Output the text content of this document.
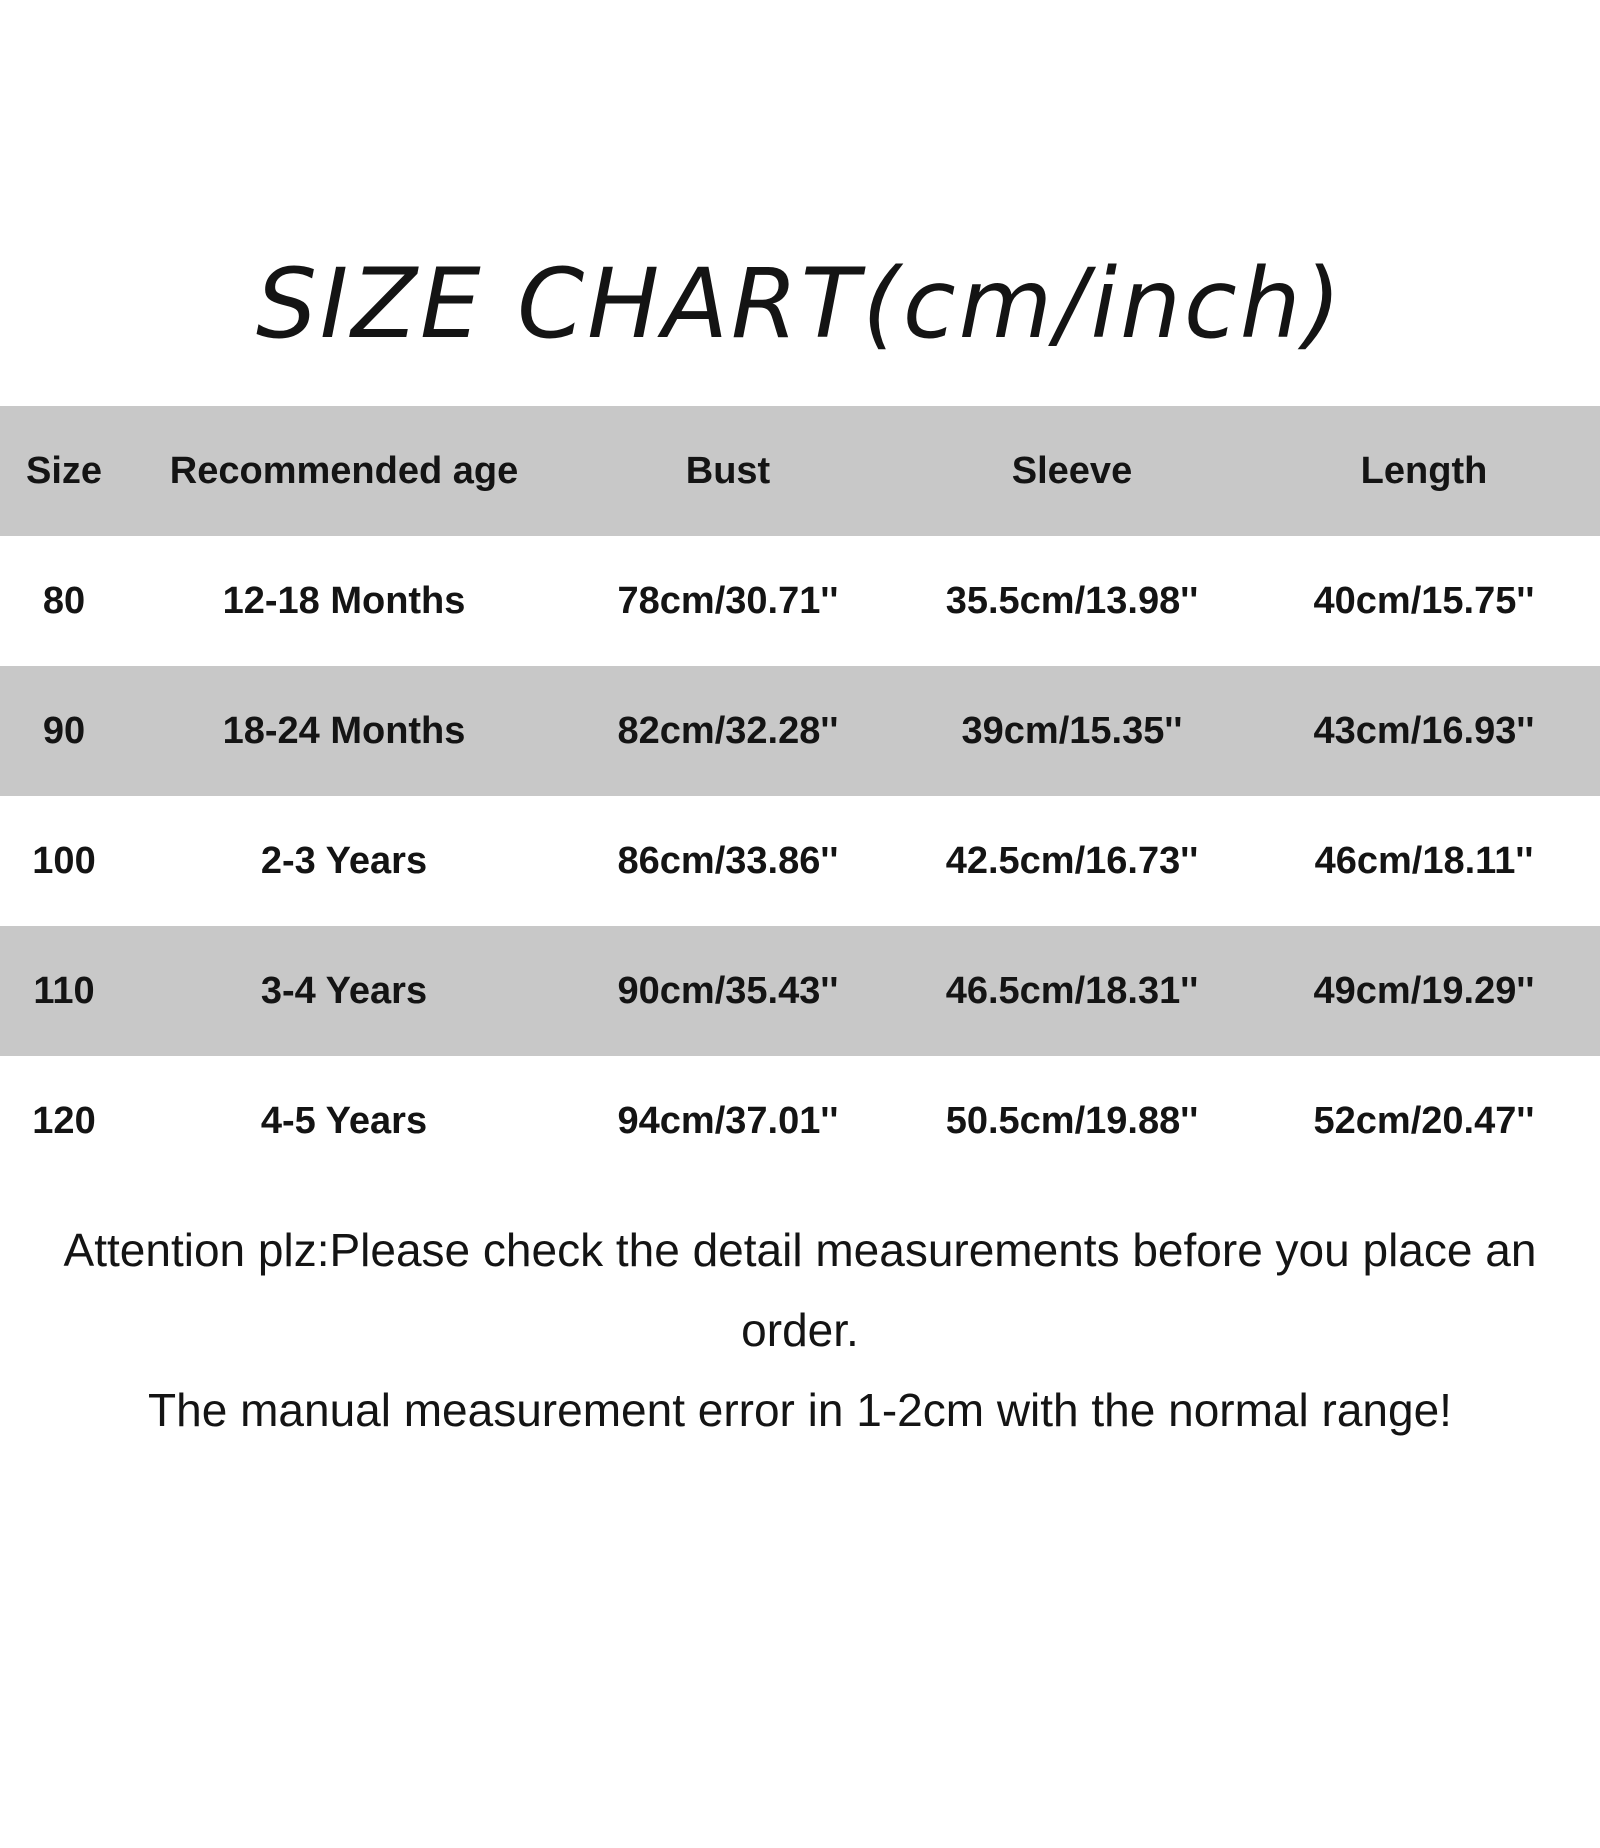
SIZE CHART(cm/inch)
Size	Recommended age	Bust	Sleeve	Length
80	12-18 Months	78cm/30.71''	35.5cm/13.98''	40cm/15.75''
90	18-24 Months	82cm/32.28''	39cm/15.35''	43cm/16.93''
100	2-3 Years	86cm/33.86''	42.5cm/16.73''	46cm/18.11''
110	3-4 Years	90cm/35.43''	46.5cm/18.31''	49cm/19.29''
120	4-5 Years	94cm/37.01''	50.5cm/19.88''	52cm/20.47''
Attention plz:Please check the detail measurements before you place an order.
The manual measurement error in 1-2cm with the normal range!
